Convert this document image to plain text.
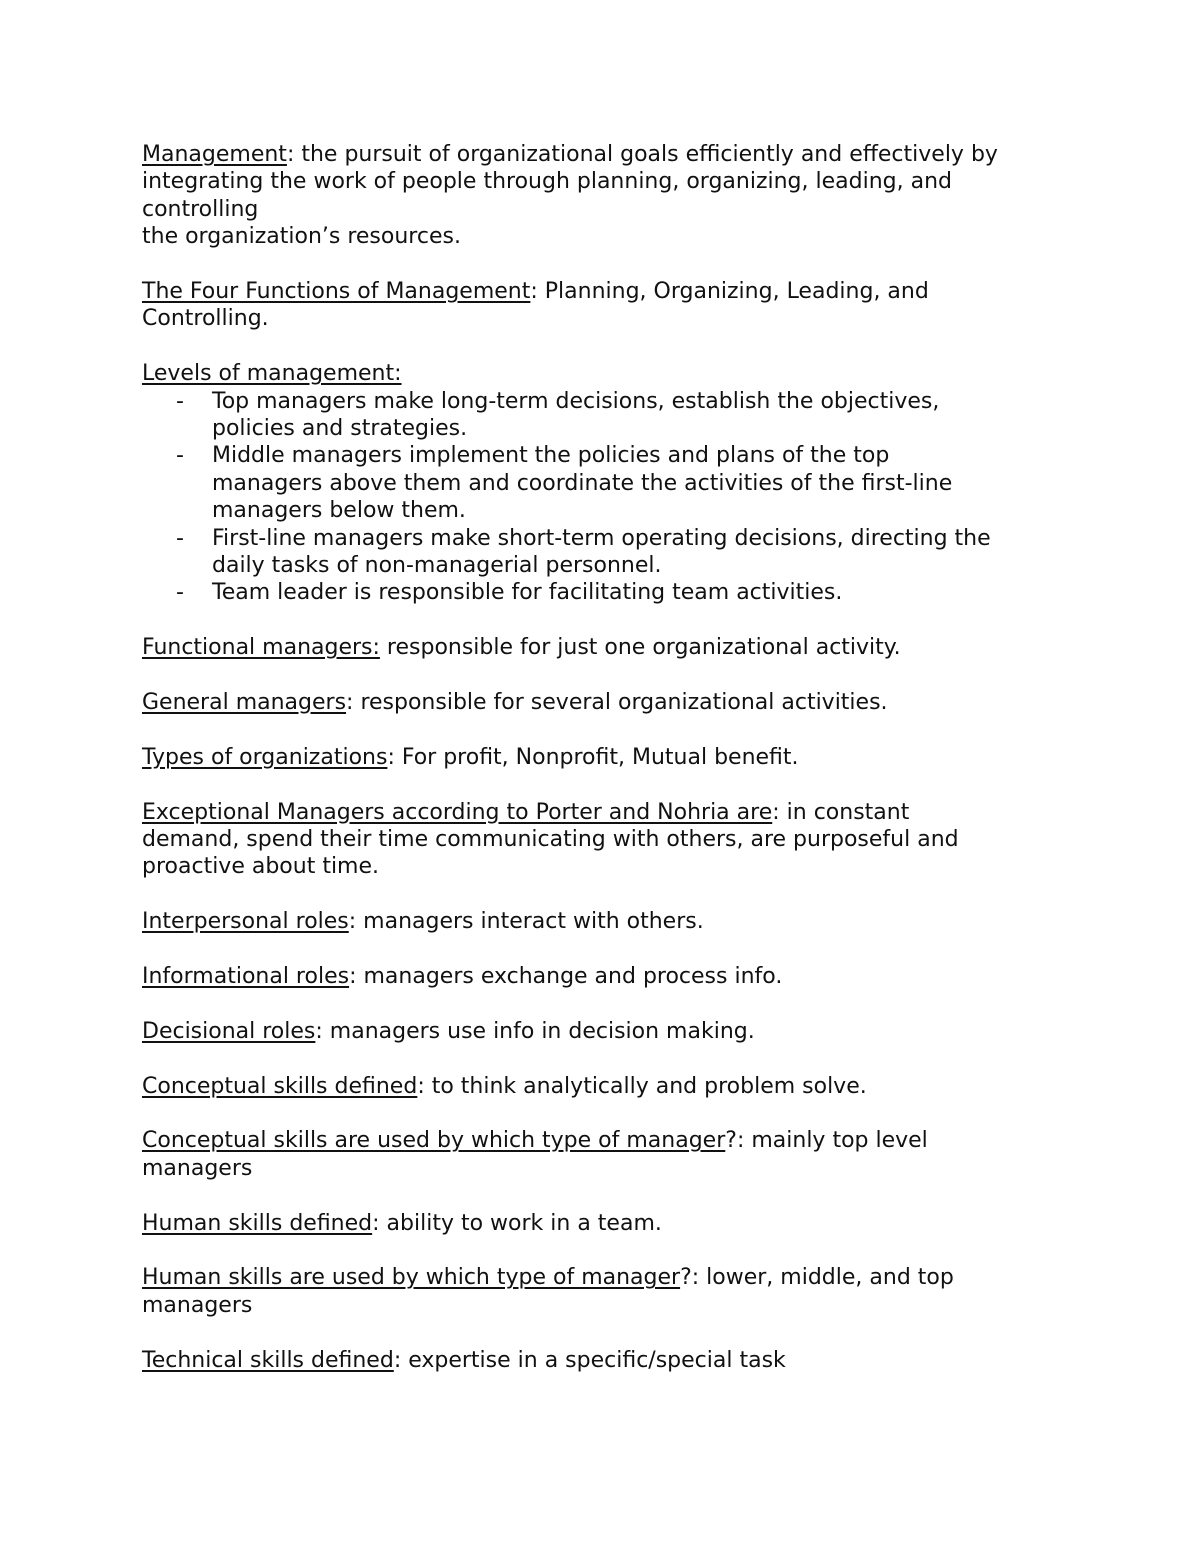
Management: the pursuit of organizational goals efficiently and effectively by
integrating the work of people through planning, organizing, leading, and
controlling
the organization’s resources.
The Four Functions of Management: Planning, Organizing, Leading, and
Controlling.
Levels of management:
- Top managers make long-term decisions, establish the objectives,
policies and strategies.
- Middle managers implement the policies and plans of the top
managers above them and coordinate the activities of the first-line
managers below them.
- First-line managers make short-term operating decisions, directing the
daily tasks of non-managerial personnel.
- Team leader is responsible for facilitating team activities.
Functional managers: responsible for just one organizational activity.
General managers: responsible for several organizational activities.
Types of organizations: For profit, Nonprofit, Mutual benefit.
Exceptional Managers according to Porter and Nohria are: in constant
demand, spend their time communicating with others, are purposeful and
proactive about time.
Interpersonal roles: managers interact with others.
Informational roles: managers exchange and process info.
Decisional roles: managers use info in decision making.
Conceptual skills defined: to think analytically and problem solve.
Conceptual skills are used by which type of manager?: mainly top level
managers
Human skills defined: ability to work in a team.
Human skills are used by which type of manager?: lower, middle, and top
managers
Technical skills defined: expertise in a specific/special task
